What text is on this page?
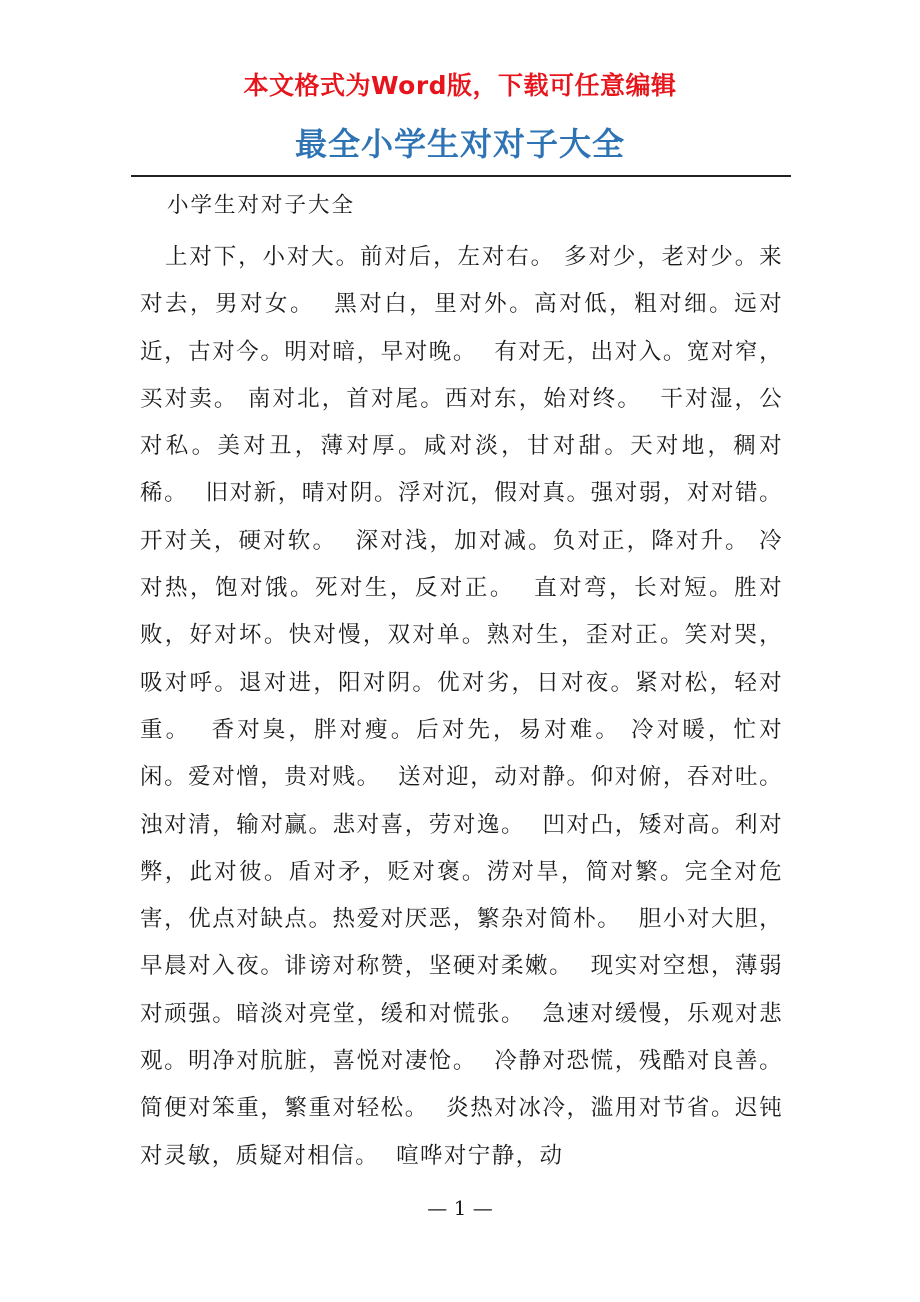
本文格式为Word版，下载可任意编辑
最全小学生对对子大全
小学生对对子大全

上对下，小对大。前对后，左对右。 多对少，老对少。来对去，男对女。  黑对白，里对外。高对低，粗对细。远对近，古对今。明对暗，早对晚。  有对无，出对入。宽对窄，买对卖。 南对北，首对尾。西对东，始对终。  干对湿，公对私。美对丑，薄对厚。咸对淡，甘对甜。天对地，稠对稀。  旧对新，晴对阴。浮对沉，假对真。强对弱，对对错。开对关，硬对软。  深对浅，加对减。负对正，降对升。 冷对热，饱对饿。死对生，反对正。  直对弯，长对短。胜对败，好对坏。快对慢，双对单。熟对生，歪对正。笑对哭，吸对呼。退对进，阳对阴。优对劣，日对夜。紧对松，轻对重。  香对臭，胖对瘦。后对先，易对难。 冷对暖，忙对闲。爱对憎，贵对贱。  送对迎，动对静。仰对俯，吞对吐。浊对清，输对赢。悲对喜，劳对逸。  凹对凸，矮对高。利对弊，此对彼。盾对矛，贬对褒。涝对旱，简对繁。完全对危害，优点对缺点。热爱对厌恶，繁杂对简朴。  胆小对大胆，早晨对入夜。诽谤对称赞，坚硬对柔嫩。  现实对空想，薄弱对顽强。暗淡对亮堂，缓和对慌张。  急速对缓慢，乐观对悲观。明净对肮脏，喜悦对凄怆。  冷静对恐慌，残酷对良善。简便对笨重，繁重对轻松。  炎热对冰冷，滥用对节省。迟钝对灵敏，质疑对相信。  喧哗对宁静，动

— 1 —
